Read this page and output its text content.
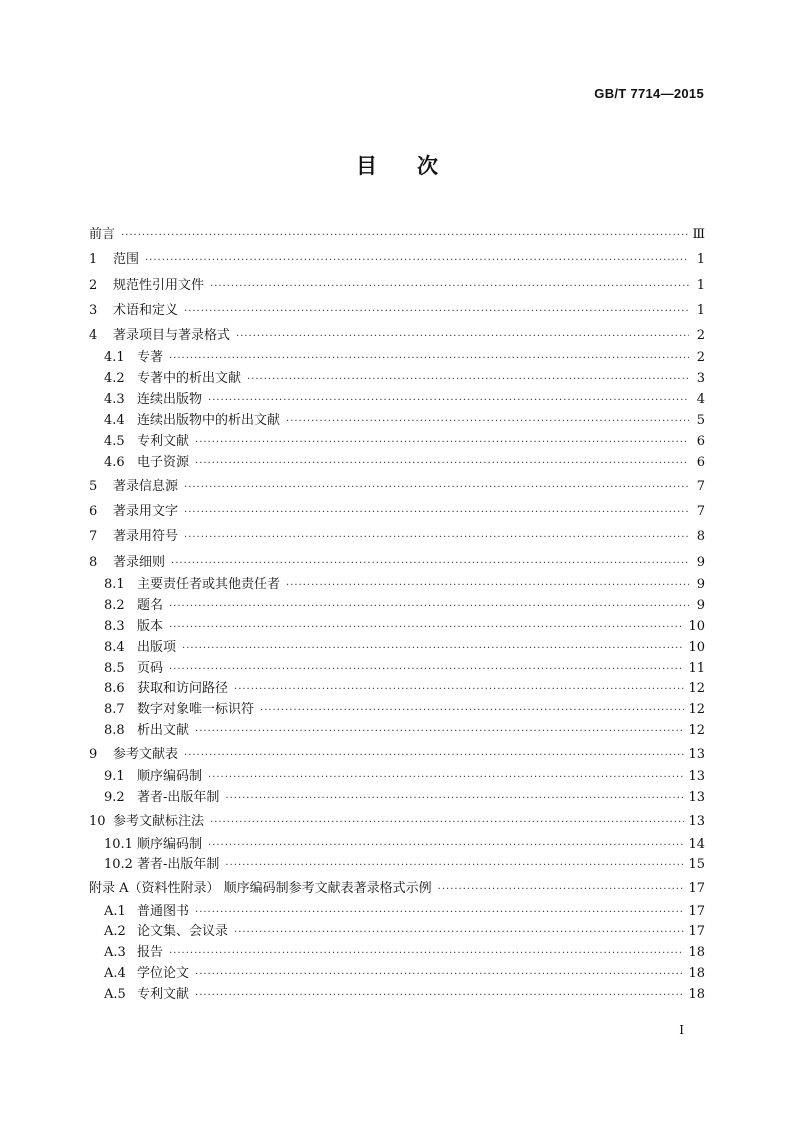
GB/T 7714—2015
目 次
前言 ·····	Ⅲ
1	范围 ·····	1
2	规范性引用文件 ·····	1
3	术语和定义 ·····	1
4	著录项目与著录格式 ·····	2
4.1 专著 ·····	2
4.2 专著中的析出文献 ·····	3
4.3 连续出版物 ·····	4
4.4 连续出版物中的析出文献 ·····	5
4.5 专利文献 ·····	6
4.6 电子资源 ·····	6
5	著录信息源 ·····	7
6	著录用文字 ·····	7
7	著录用符号 ·····	8
8	著录细则 ·····	9
8.1 主要责任者或其他责任者 ·····	9
8.2 题名 ·····	9
8.3 版本 ·····	10
8.4 出版项 ·····	10
8.5 页码 ·····	11
8.6 获取和访问路径 ·····	12
8.7 数字对象唯一标识符 ·····	12
8.8 析出文献 ·····	12
9	参考文献表 ·····	13
9.1 顺序编码制 ·····	13
9.2 著者-出版年制 ·····	13
10 参考文献标注法 ·····	13
10.1 顺序编码制 ·····	14
10.2 著者-出版年制 ·····	15
附录 A（资料性附录） 顺序编码制参考文献表著录格式示例 ·····	17
A.1 普通图书 ·····	17
A.2 论文集、会议录 ·····	17
A.3 报告 ·····	18
A.4 学位论文 ·····	18
A.5 专利文献 ·····	18
I
